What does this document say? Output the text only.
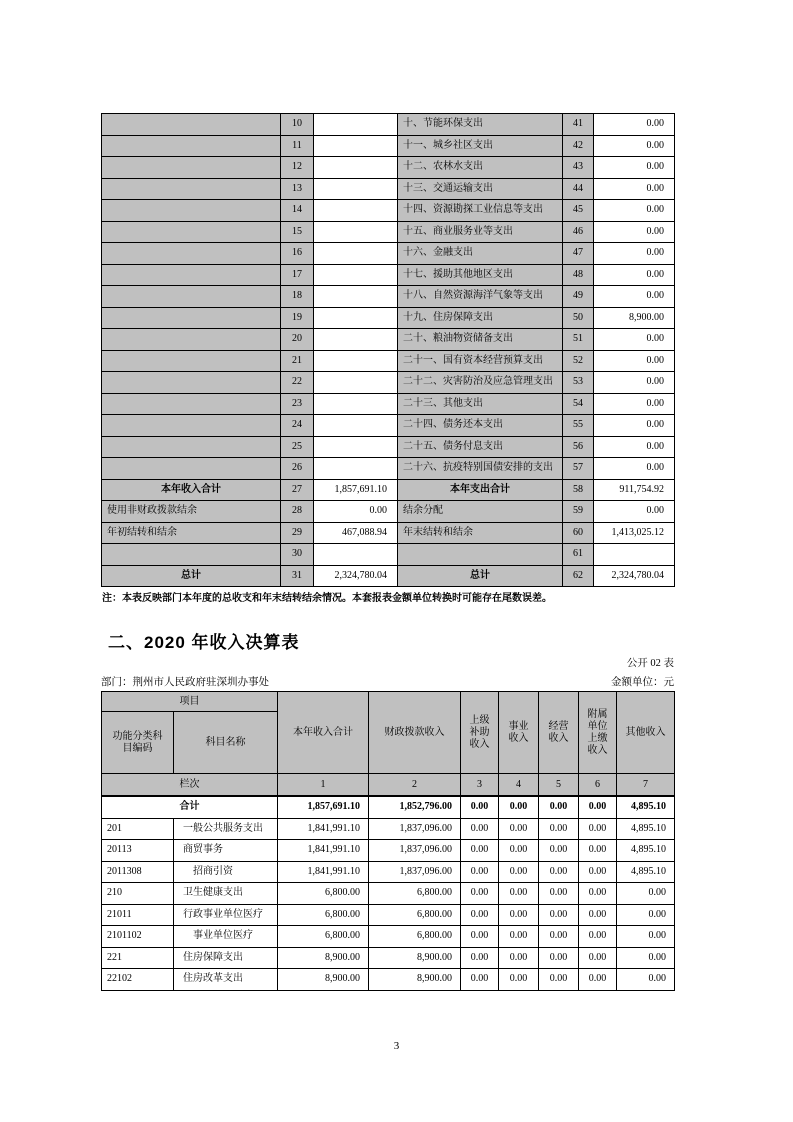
	10		十、节能环保支出	41	0.00
	11		十一、城乡社区支出	42	0.00
	12		十二、农林水支出	43	0.00
	13		十三、交通运输支出	44	0.00
	14		十四、资源勘探工业信息等支出	45	0.00
	15		十五、商业服务业等支出	46	0.00
	16		十六、金融支出	47	0.00
	17		十七、援助其他地区支出	48	0.00
	18		十八、自然资源海洋气象等支出	49	0.00
	19		十九、住房保障支出	50	8,900.00
	20		二十、粮油物资储备支出	51	0.00
	21		二十一、国有资本经营预算支出	52	0.00
	22		二十二、灾害防治及应急管理支出	53	0.00
	23		二十三、其他支出	54	0.00
	24		二十四、债务还本支出	55	0.00
	25		二十五、债务付息支出	56	0.00
	26		二十六、抗疫特别国债安排的支出	57	0.00
本年收入合计	27	1,857,691.10	本年支出合计	58	911,754.92
使用非财政拨款结余	28	0.00	结余分配	59	0.00
年初结转和结余	29	467,088.94	年末结转和结余	60	1,413,025.12
	30			61	
总计	31	2,324,780.04	总计	62	2,324,780.04
注：本表反映部门本年度的总收支和年末结转结余情况。本套报表金额单位转换时可能存在尾数误差。
二、2020 年收入决算表
公开 02 表
部门：荆州市人民政府驻深圳办事处	金额单位：元
项目		本年收入合计	财政拨款收入	上级补助收入	事业收入	经营收入	附属单位上缴收入	其他收入
功能分类科目编码	科目名称							
栏次		1	2	3	4	5	6	7
合计		1,857,691.10	1,852,796.00	0.00	0.00	0.00	0.00	4,895.10
201	一般公共服务支出	1,841,991.10	1,837,096.00	0.00	0.00	0.00	0.00	4,895.10
20113	商贸事务	1,841,991.10	1,837,096.00	0.00	0.00	0.00	0.00	4,895.10
2011308	招商引资	1,841,991.10	1,837,096.00	0.00	0.00	0.00	0.00	4,895.10
210	卫生健康支出	6,800.00	6,800.00	0.00	0.00	0.00	0.00	0.00
21011	行政事业单位医疗	6,800.00	6,800.00	0.00	0.00	0.00	0.00	0.00
2101102	事业单位医疗	6,800.00	6,800.00	0.00	0.00	0.00	0.00	0.00
221	住房保障支出	8,900.00	8,900.00	0.00	0.00	0.00	0.00	0.00
22102	住房改革支出	8,900.00	8,900.00	0.00	0.00	0.00	0.00	0.00
3
